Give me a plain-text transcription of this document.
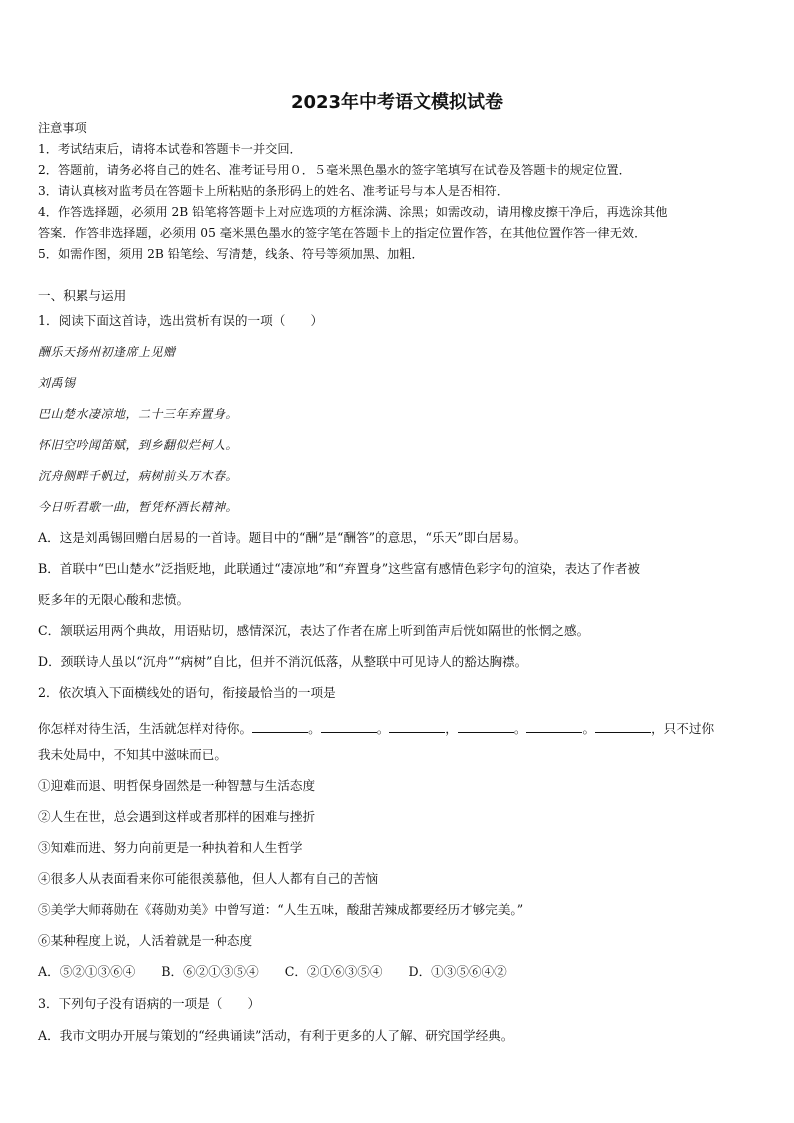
2023年中考语文模拟试卷
注意事项
1．考试结束后，请将本试卷和答题卡一并交回．
2．答题前，请务必将自己的姓名、准考证号用０．５毫米黑色墨水的签字笔填写在试卷及答题卡的规定位置．
3．请认真核对监考员在答题卡上所粘贴的条形码上的姓名、准考证号与本人是否相符．
4．作答选择题，必须用 2B 铅笔将答题卡上对应选项的方框涂满、涂黑；如需改动，请用橡皮擦干净后，再选涂其他
答案．作答非选择题，必须用 05 毫米黑色墨水的签字笔在答题卡上的指定位置作答，在其他位置作答一律无效．
5．如需作图，须用 2B 铅笔绘、写清楚，线条、符号等须加黑、加粗．
一、积累与运用
1．阅读下面这首诗，选出赏析有误的一项（　　）
酬乐天扬州初逢席上见赠
刘禹锡
巴山楚水凄凉地，二十三年弃置身。
怀旧空吟闻笛赋，到乡翻似烂柯人。
沉舟侧畔千帆过，病树前头万木春。
今日听君歌一曲，暂凭杯酒长精神。
A．这是刘禹锡回赠白居易的一首诗。题目中的“酬”是“酬答”的意思，“乐天”即白居易。
B．首联中“巴山楚水”泛指贬地，此联通过“凄凉地”和“弃置身”这些富有感情色彩字句的渲染，表达了作者被
贬多年的无限心酸和悲愤。
C．颔联运用两个典故，用语贴切，感情深沉，表达了作者在席上听到笛声后恍如隔世的怅惘之感。
D．颈联诗人虽以“沉舟”“病树”自比，但并不消沉低落，从整联中可见诗人的豁达胸襟。
2．依次填入下面横线处的语句，衔接最恰当的一项是
你怎样对待生活，生活就怎样对待你。	。	。	，	。	。	，只不过你
我未处局中，不知其中滋味而已。
①迎难而退、明哲保身固然是一种智慧与生活态度
②人生在世，总会遇到这样或者那样的困难与挫折
③知难而进、努力向前更是一种执着和人生哲学
④很多人从表面看来你可能很羡慕他，但人人都有自己的苦恼
⑤美学大师蒋勋在《蒋勋劝美》中曾写道：“人生五味，酸甜苦辣成都要经历才够完美。”
⑥某种程度上说，人活着就是一种态度
A．⑤②①③⑥④ B．⑥②①③⑤④ C．②①⑥③⑤④ D．①③⑤⑥④②
3．下列句子没有语病的一项是（　　）
A．我市文明办开展与策划的“经典诵读”活动，有利于更多的人了解、研究国学经典。
